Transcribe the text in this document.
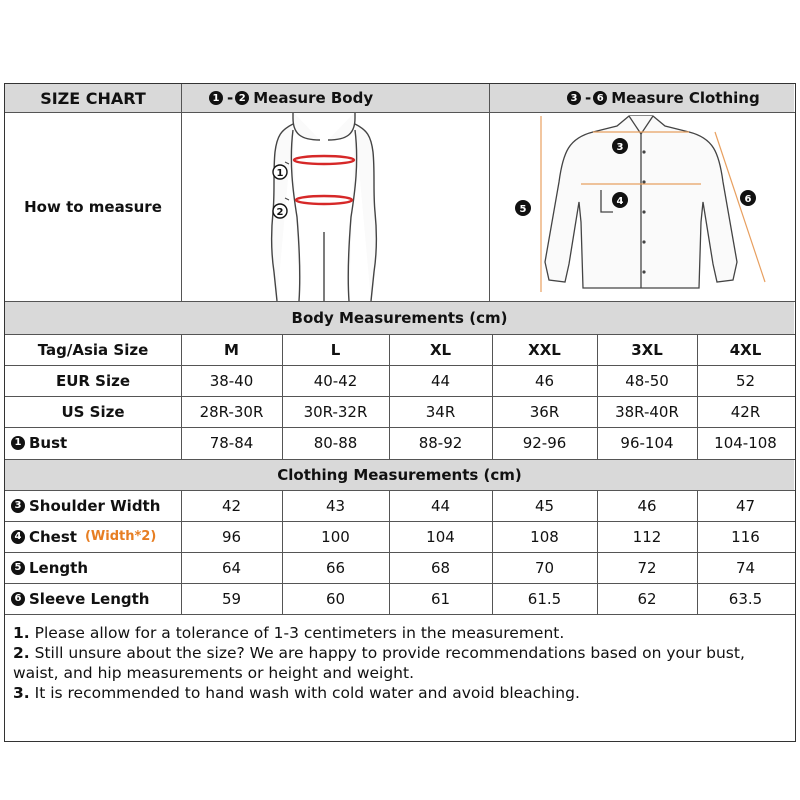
SIZE CHART	1 - 2 Measure Body	3 - 6 Measure Clothing
How to measure
1
2
3
4
5
6
Body Measurements (cm)
Tag/Asia Size	M	L	XL	XXL	3XL	4XL
EUR Size	38-40	40-42	44	46	48-50	52
US Size	28R-30R	30R-32R	34R	36R	38R-40R	42R
1 Bust	78-84	80-88	88-92	92-96	96-104	104-108
Clothing Measurements (cm)
3 Shoulder Width	42	43	44	45	46	47
4 Chest (Width*2)	96	100	104	108	112	116
5 Length	64	66	68	70	72	74
6 Sleeve Length	59	60	61	61.5	62	63.5
1. Please allow for a tolerance of 1-3 centimeters in the measurement.
2. Still unsure about the size? We are happy to provide recommendations based on your bust, waist, and hip measurements or height and weight.
3. It is recommended to hand wash with cold water and avoid bleaching.
